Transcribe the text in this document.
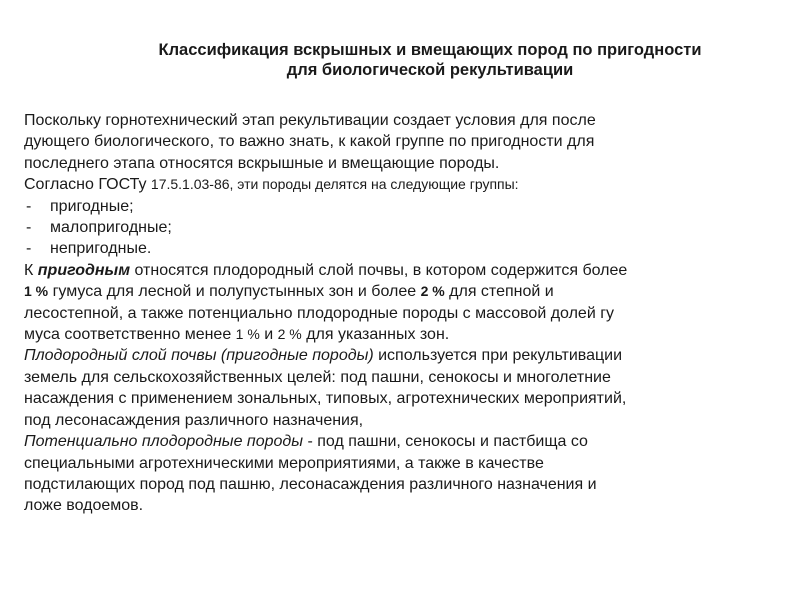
Классификация вскрышных и вмещающих пород по пригодности
для биологической рекультивации
Поскольку горнотехнический этап рекультивации создает условия для после
дующего биологического, то важно знать, к какой группе по пригодности для
последнего этапа относятся вскрышные и вмещающие породы.
Согласно ГОСТу 17.5.1.03-86, эти породы делятся на следующие группы:
- пригодные;
- малопригодные;
- непригодные.
К пригодным относятся плодородный слой почвы, в котором содержится более
1 % гумуса для лесной и полупустынных зон и более 2 % для степной и
лесостепной, а также потенциально плодородные породы с массовой долей гу
муса соответственно менее 1 % и 2 % для указанных зон.
Плодородный слой почвы (пригодные породы) используется при рекультивации
земель для сельскохозяйственных целей: под пашни, сенокосы и многолетние
насаждения с применением зональных, типовых, агротехнических мероприятий,
под лесонасаждения различного назначения,
Потенциально плодородные породы - под пашни, сенокосы и пастбища со
специальными агротехническими мероприятиями, а также в качестве
подстилающих пород под пашню, лесонасаждения различного назначения и
ложе водоемов.
